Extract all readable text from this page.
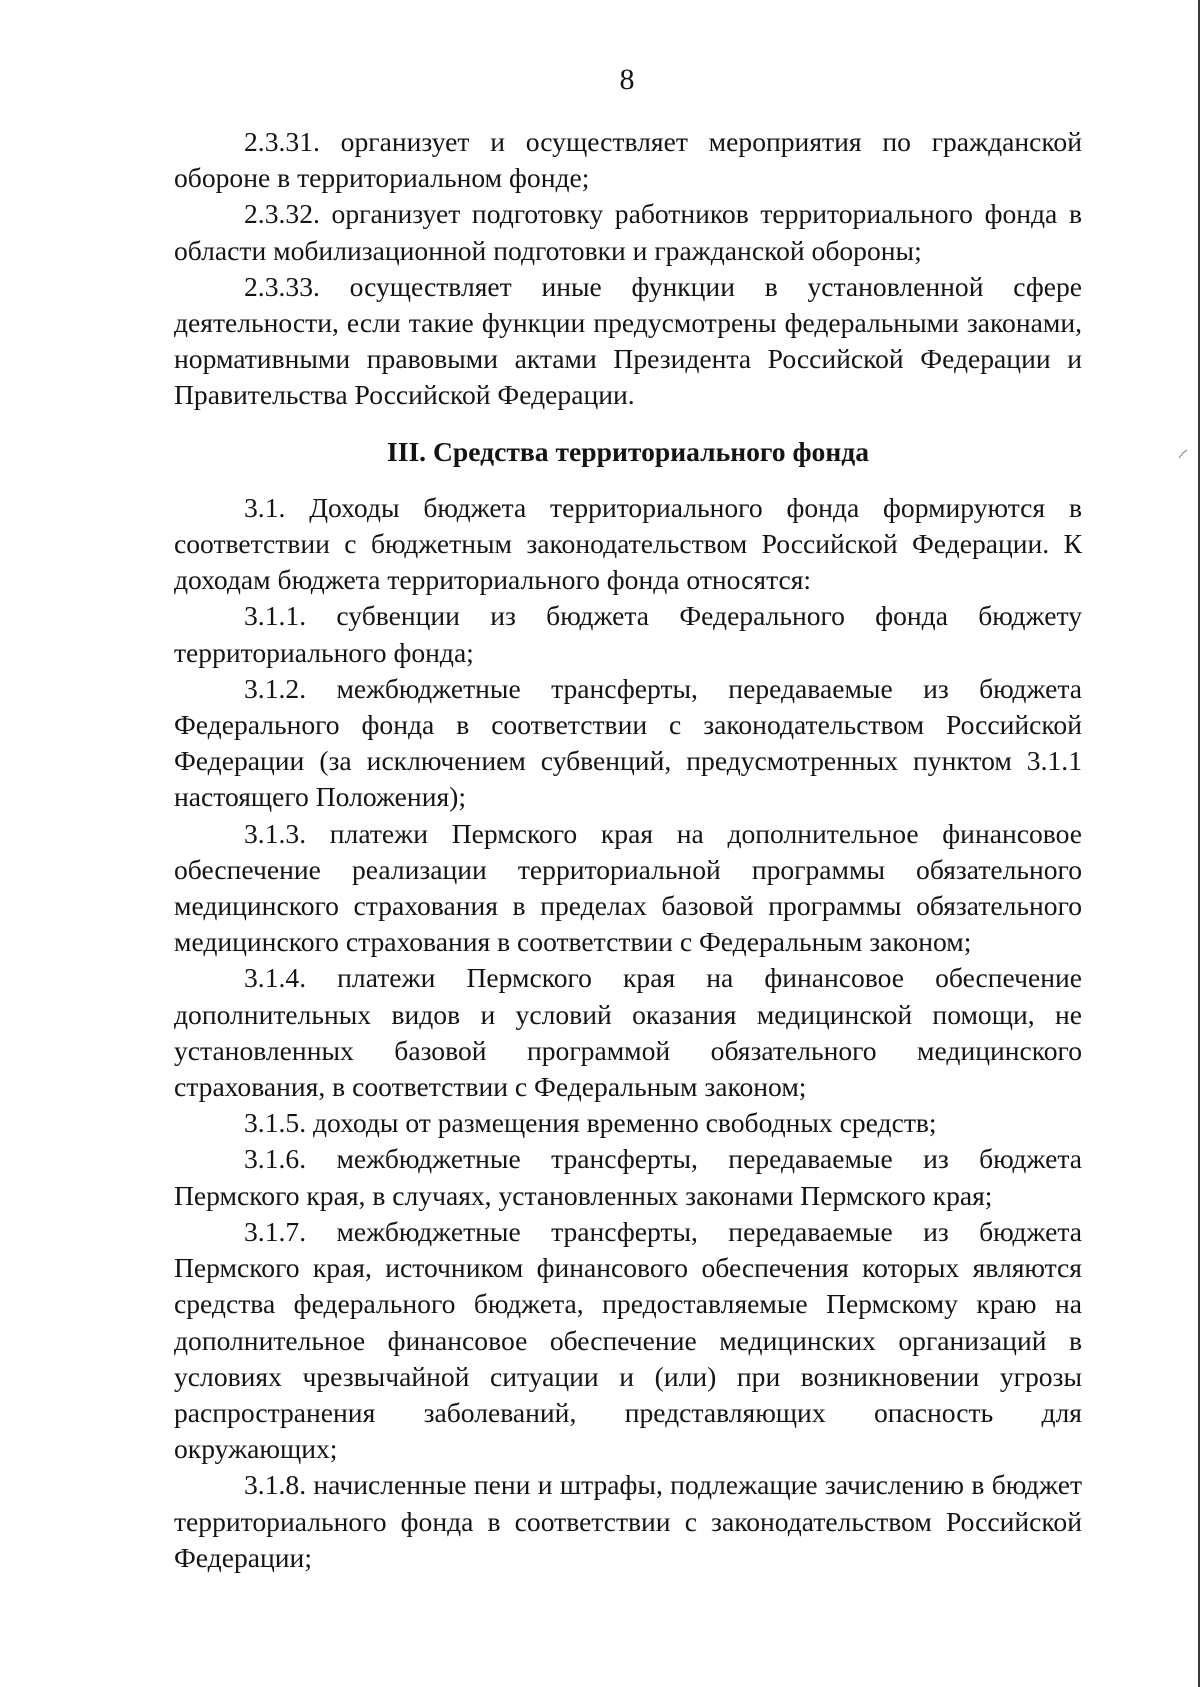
8

2.3.31. организует и осуществляет мероприятия по гражданской обороне в территориальном фонде;

2.3.32. организует подготовку работников территориального фонда в области мобилизационной подготовки и гражданской обороны;

2.3.33. осуществляет иные функции в установленной сфере деятельности, если такие функции предусмотрены федеральными законами, нормативными правовыми актами Президента Российской Федерации и Правительства Российской Федерации.

III. Средства территориального фонда

3.1. Доходы бюджета территориального фонда формируются в соответствии с бюджетным законодательством Российской Федерации. К доходам бюджета территориального фонда относятся:

3.1.1. субвенции из бюджета Федерального фонда бюджету территориального фонда;

3.1.2. межбюджетные трансферты, передаваемые из бюджета Федерального фонда в соответствии с законодательством Российской Федерации (за исключением субвенций, предусмотренных пунктом 3.1.1 настоящего Положения);

3.1.3. платежи Пермского края на дополнительное финансовое обеспечение реализации территориальной программы обязательного медицинского страхования в пределах базовой программы обязательного медицинского страхования в соответствии с Федеральным законом;

3.1.4. платежи Пермского края на финансовое обеспечение дополнительных видов и условий оказания медицинской помощи, не установленных базовой программой обязательного медицинского страхования, в соответствии с Федеральным законом;

3.1.5. доходы от размещения временно свободных средств;

3.1.6. межбюджетные трансферты, передаваемые из бюджета Пермского края, в случаях, установленных законами Пермского края;

3.1.7. межбюджетные трансферты, передаваемые из бюджета Пермского края, источником финансового обеспечения которых являются средства федерального бюджета, предоставляемые Пермскому краю на дополнительное финансовое обеспечение медицинских организаций в условиях чрезвычайной ситуации и (или) при возникновении угрозы распространения заболеваний, представляющих опасность для окружающих;

3.1.8. начисленные пени и штрафы, подлежащие зачислению в бюджет территориального фонда в соответствии с законодательством Российской Федерации;
